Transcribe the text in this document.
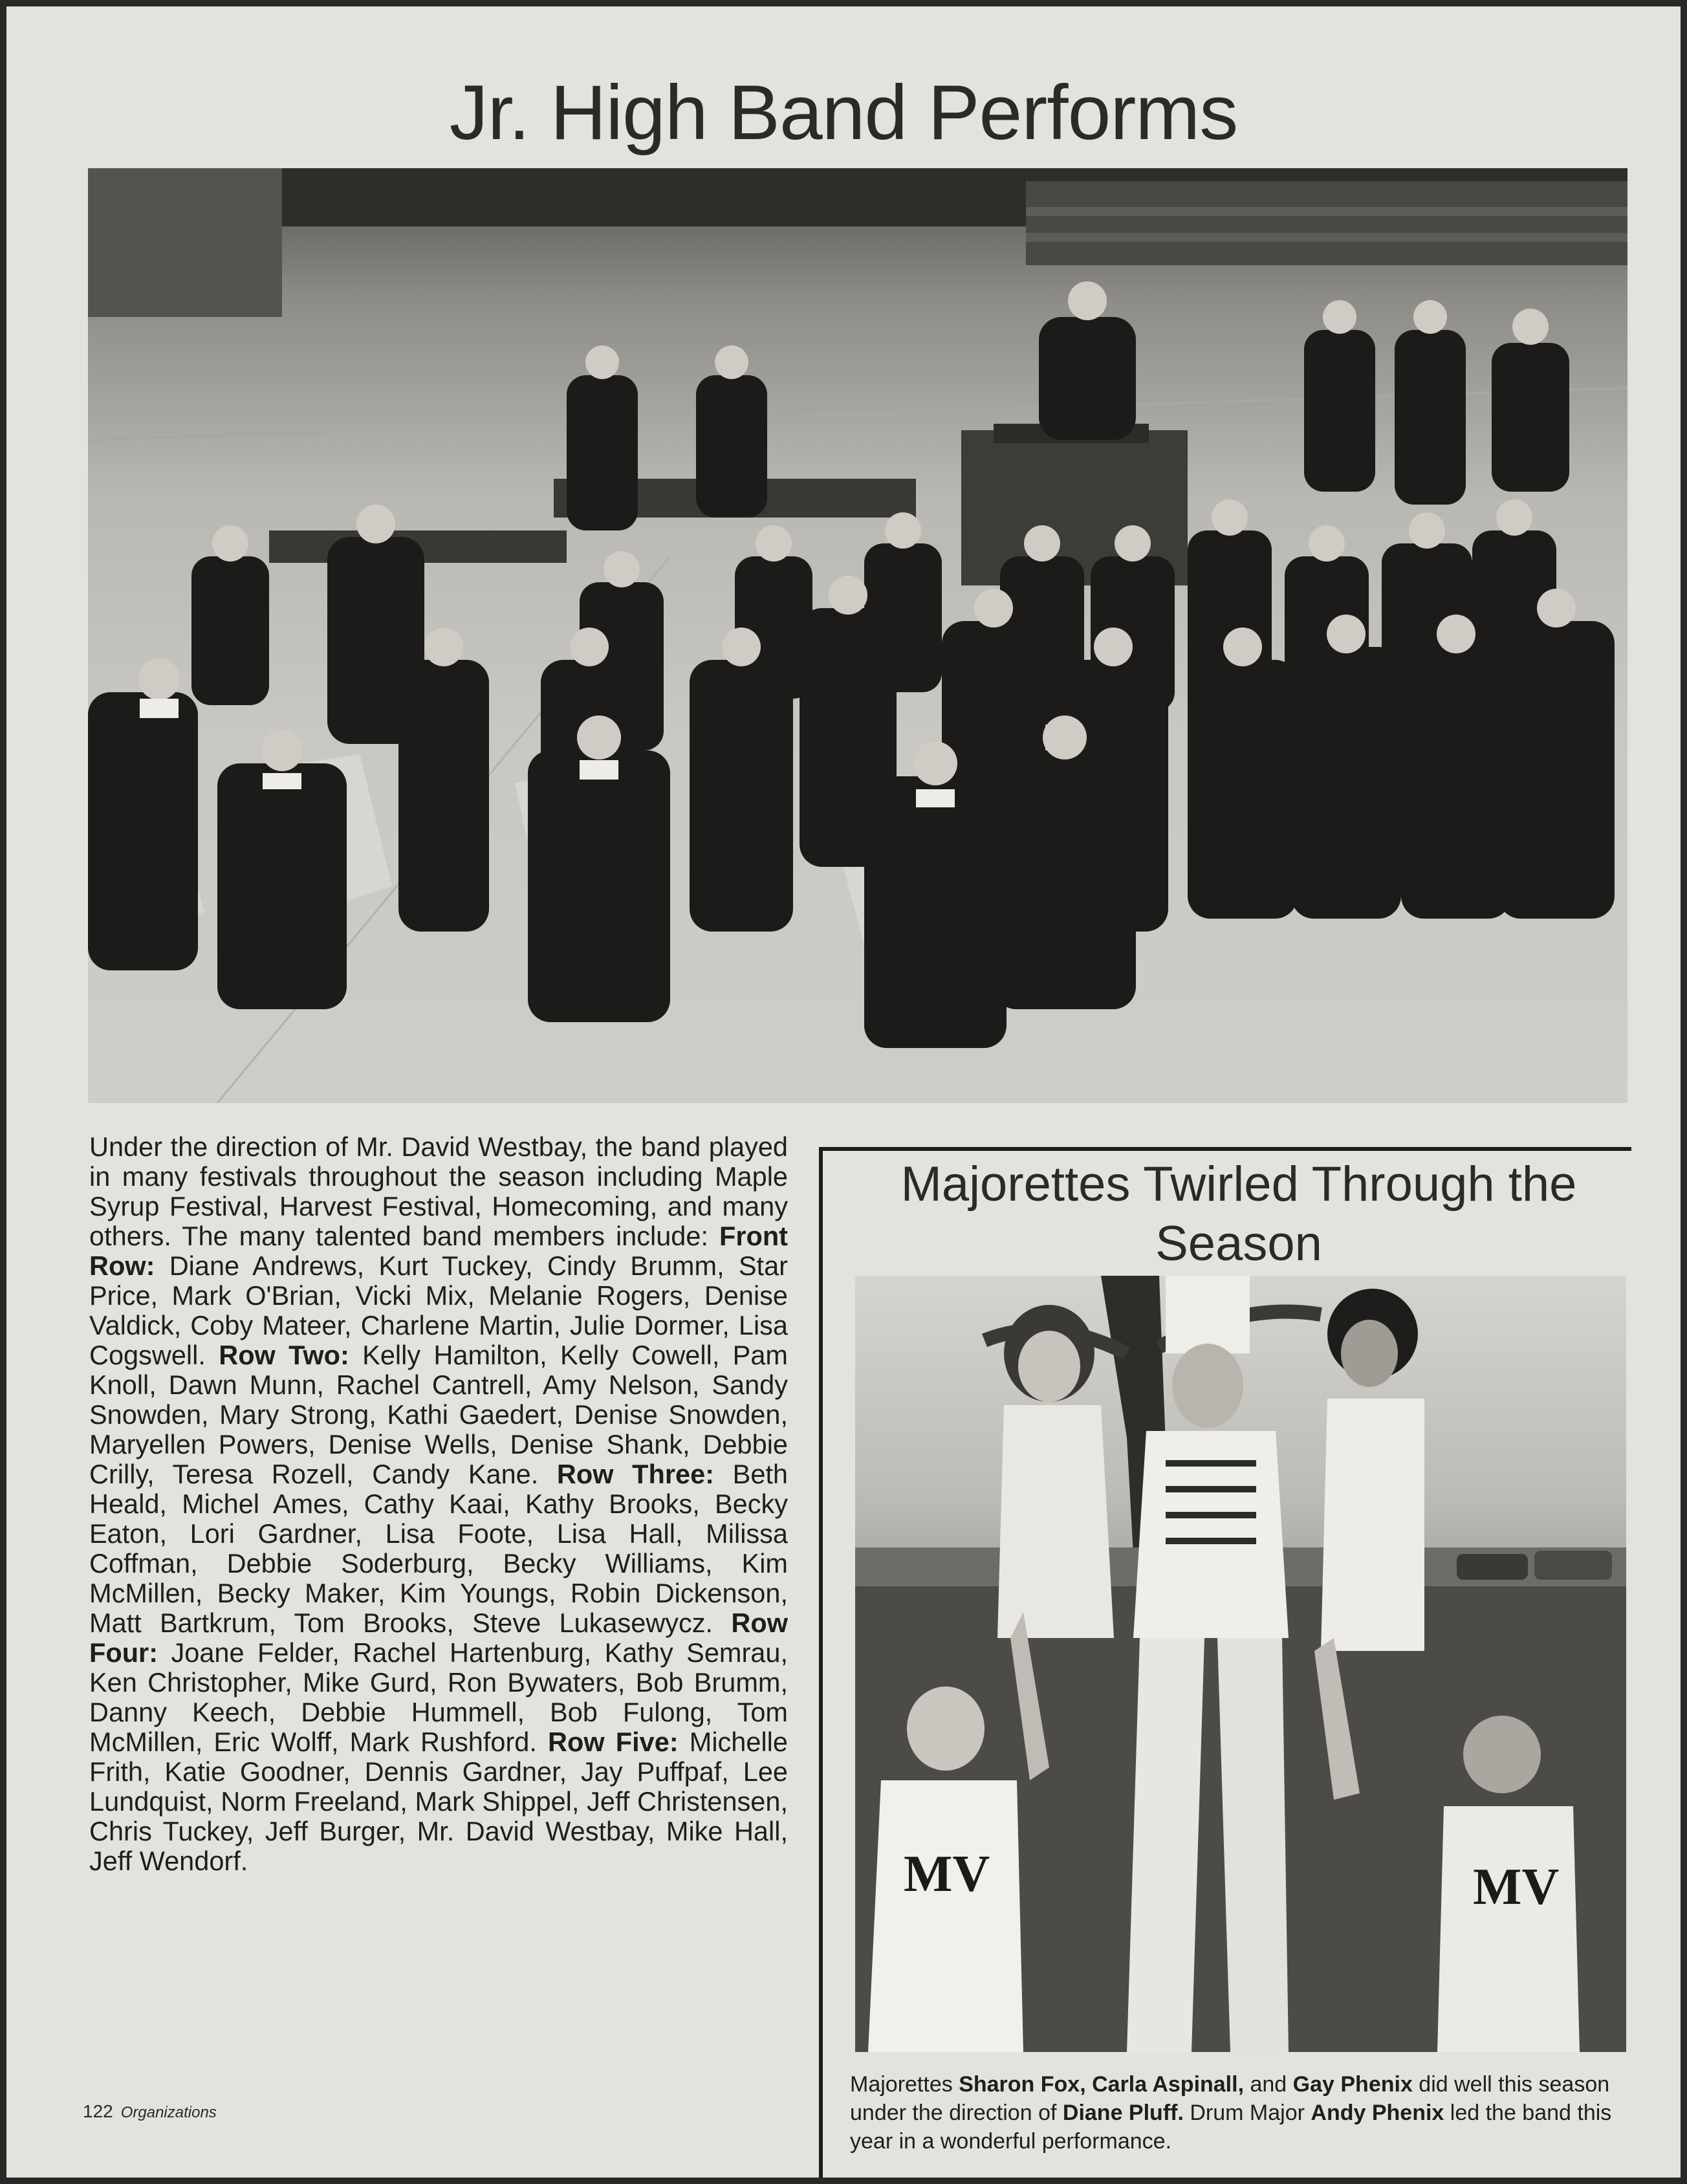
Jr. High Band Performs

Under the direction of Mr. David Westbay, the band played in many festivals throughout the season including Maple Syrup Festival, Harvest Festival, Homecoming, and many others. The many talented band members include: Front Row: Diane Andrews, Kurt Tuckey, Cindy Brumm, Star Price, Mark O'Brian, Vicki Mix, Melanie Rogers, Denise Valdick, Coby Mateer, Charlene Martin, Julie Dormer, Lisa Cogswell. Row Two: Kelly Hamilton, Kelly Cowell, Pam Knoll, Dawn Munn, Rachel Cantrell, Amy Nelson, Sandy Snowden, Mary Strong, Kathi Gaedert, Denise Snowden, Maryellen Powers, Denise Wells, Denise Shank, Debbie Crilly, Teresa Rozell, Candy Kane. Row Three: Beth Heald, Michel Ames, Cathy Kaai, Kathy Brooks, Becky Eaton, Lori Gardner, Lisa Foote, Lisa Hall, Milissa Coffman, Debbie Soderburg, Becky Williams, Kim McMillen, Becky Maker, Kim Youngs, Robin Dickenson, Matt Bartkrum, Tom Brooks, Steve Lukasewycz. Row Four: Joane Felder, Rachel Hartenburg, Kathy Semrau, Ken Christopher, Mike Gurd, Ron Bywaters, Bob Brumm, Danny Keech, Debbie Hummell, Bob Fulong, Tom McMillen, Eric Wolff, Mark Rushford. Row Five: Michelle Frith, Katie Goodner, Dennis Gardner, Jay Puffpaf, Lee Lundquist, Norm Freeland, Mark Shippel, Jeff Christensen, Chris Tuckey, Jeff Burger, Mr. David Westbay, Mike Hall, Jeff Wendorf.

Majorettes Twirled Through the Season
MV	MV

Majorettes Sharon Fox, Carla Aspinall, and Gay Phenix did well this season under the direction of Diane Pluff. Drum Major Andy Phenix led the band this year in a wonderful performance.

122 Organizations
